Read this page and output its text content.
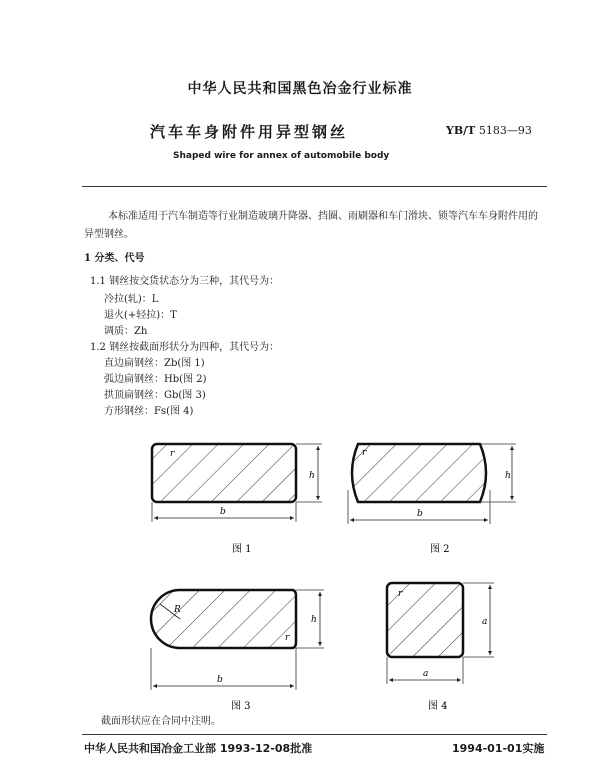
中华人民共和国黑色冶金行业标准
汽车车身附件用异型钢丝	YB/T 5183—93
Shaped wire for annex of automobile body
本标准适用于汽车制造等行业制造玻璃升降器、挡圈、雨刷器和车门滑块、锁等汽车车身附件用的
异型钢丝。
1 分类、代号
1.1 钢丝按交货状态分为三种，其代号为：
冷拉(轧)：L
退火(+轻拉)：T
调质：Zh
1.2 钢丝按截面形状分为四种，其代号为：
直边扁钢丝：Zb(图 1)
弧边扁钢丝：Hb(图 2)
拱顶扁钢丝：Gb(图 3)
方形钢丝：Fs(图 4)
r
h
b
r
h
b
图 1	图 2
R
r
h
b
r
a
a
图 3	图 4
截面形状应在合同中注明。
中华人民共和国冶金工业部 1993-12-08批准	1994-01-01实施
